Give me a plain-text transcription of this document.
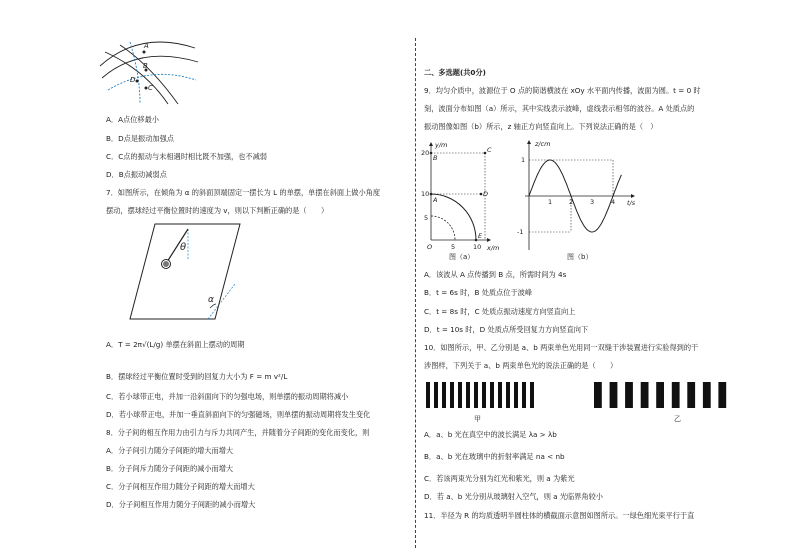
A
B
D
C
A．A点位移最小
B．D点是振动加强点
C．C点的振动与未相遇时相比既不加强，也不减弱
D．B点振动减弱点
7．如图所示，在倾角为 α 的斜面顶端固定一摆长为 L 的单摆，单摆在斜面上做小角度
摆动，摆球经过平衡位置时的速度为 v，则以下判断正确的是（　　）
θ
α
A．T = 2π√(L/g) 单摆在斜面上摆动的周期
B．摆球经过平衡位置时受到的回复力大小为 F = m v²/L
C．若小球带正电，并加一沿斜面向下的匀强电场，则单摆的振动周期将减小
D．若小球带正电，并加一垂直斜面向下的匀强磁场，则单摆的振动周期将发生变化
8．分子间的相互作用力由引力与斥力共同产生，并随着分子间距的变化而变化，则
A．分子间引力随分子间距的增大而增大
B．分子间斥力随分子间距的减小而增大
C．分子间相互作用力随分子间距的增大而增大
D．分子间相互作用力随分子间距的减小而增大
二、多选题(共0分)
9．均匀介质中，波源位于 O 点的简谐横波在 xOy 水平面内传播，波面为圆。t = 0 时
刻，波面分布如图（a）所示，其中实线表示波峰，虚线表示相邻的波谷。A 处质点的
振动图像如图（b）所示，z 轴正方向竖直向上。下列说法正确的是（　）
y/m
x/m
20
10
5
5	10
O
B
C
A
D
E
图（a）
z/cm
t/s
1
-1
1	2	3	4
图（b）
A．该波从 A 点传播到 B 点，所需时间为 4s
B．t = 6s 时，B 处质点位于波峰
C．t = 8s 时，C 处质点振动速度方向竖直向上
D．t = 10s 时，D 处质点所受回复力方向竖直向下
10．如图所示，甲、乙分别是 a、b 两束单色光用同一双缝干涉装置进行实验得到的干
涉图样，下列关于 a、b 两束单色光的说法正确的是（　　）
甲	乙
A．a、b 光在真空中的波长满足 λa > λb
B．a、b 光在玻璃中的折射率满足 na < nb
C．若该两束光分别为红光和紫光，则 a 为紫光
D．若 a、b 光分别从玻璃射入空气，则 a 光临界角较小
11．半径为 R 的均质透明半圆柱体的横截面示意图如图所示。一绿色细光束平行于直
